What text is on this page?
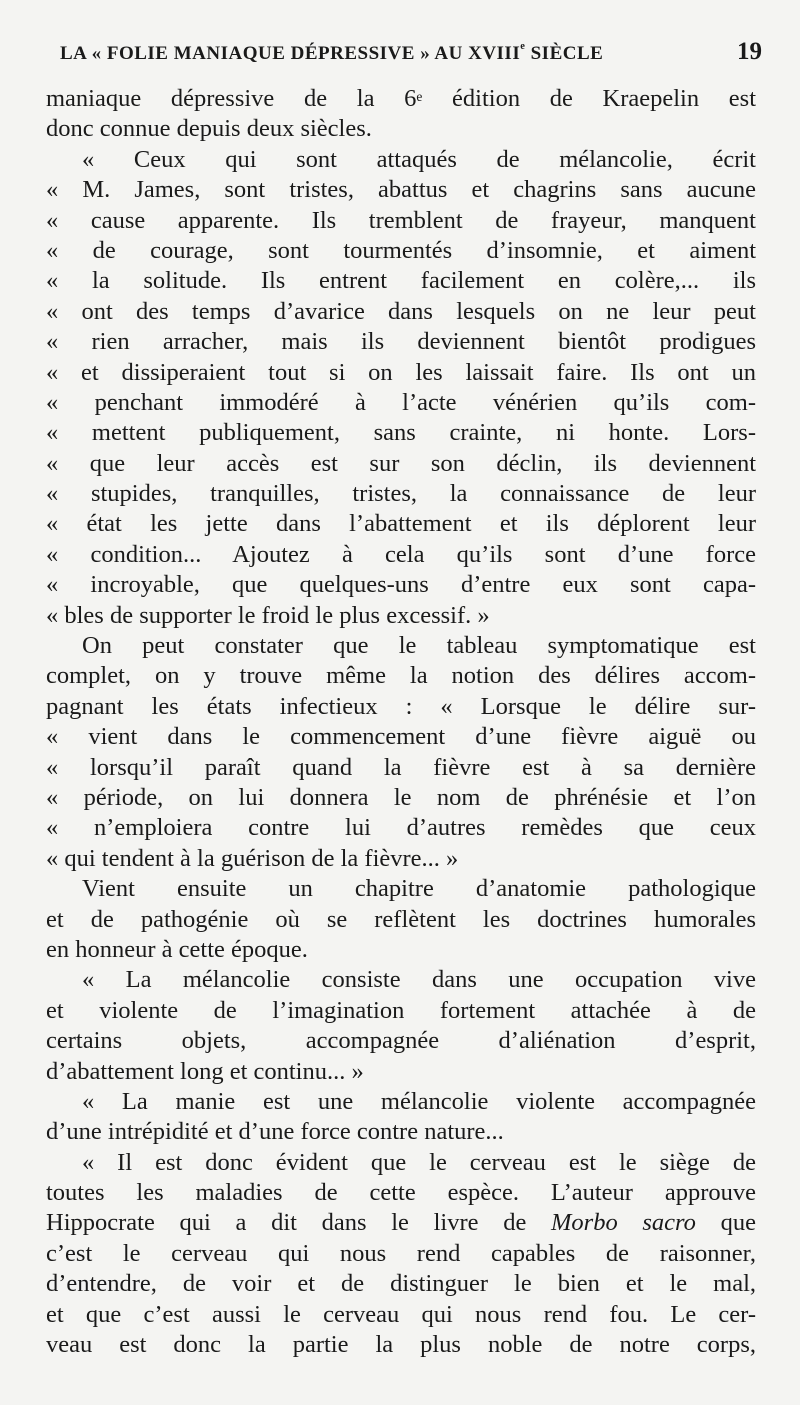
LA « FOLIE MANIAQUE DÉPRESSIVE » AU XVIIIe SIÈCLE	19
maniaque dépressive de la 6e édition de Kraepelin est
donc connue depuis deux siècles.
« Ceux qui sont attaqués de mélancolie, écrit
« M. James, sont tristes, abattus et chagrins sans aucune
« cause apparente. Ils tremblent de frayeur, manquent
« de courage, sont tourmentés d’insomnie, et aiment
« la solitude. Ils entrent facilement en colère,... ils
« ont des temps d’avarice dans lesquels on ne leur peut
« rien arracher, mais ils deviennent bientôt prodigues
« et dissiperaient tout si on les laissait faire. Ils ont un
« penchant immodéré à l’acte vénérien qu’ils com-
« mettent publiquement, sans crainte, ni honte. Lors-
« que leur accès est sur son déclin, ils deviennent
« stupides, tranquilles, tristes, la connaissance de leur
« état les jette dans l’abattement et ils déplorent leur
« condition... Ajoutez à cela qu’ils sont d’une force
« incroyable, que quelques-uns d’entre eux sont capa-
« bles de supporter le froid le plus excessif. »
On peut constater que le tableau symptomatique est
complet, on y trouve même la notion des délires accom-
pagnant les états infectieux : « Lorsque le délire sur-
« vient dans le commencement d’une fièvre aiguë ou
« lorsqu’il paraît quand la fièvre est à sa dernière
« période, on lui donnera le nom de phrénésie et l’on
« n’emploiera contre lui d’autres remèdes que ceux
« qui tendent à la guérison de la fièvre... »
Vient ensuite un chapitre d’anatomie pathologique
et de pathogénie où se reflètent les doctrines humorales
en honneur à cette époque.
« La mélancolie consiste dans une occupation vive
et violente de l’imagination fortement attachée à de
certains objets, accompagnée d’aliénation d’esprit,
d’abattement long et continu... »
« La manie est une mélancolie violente accompagnée
d’une intrépidité et d’une force contre nature...
« Il est donc évident que le cerveau est le siège de
toutes les maladies de cette espèce. L’auteur approuve
Hippocrate qui a dit dans le livre de Morbo sacro que
c’est le cerveau qui nous rend capables de raisonner,
d’entendre, de voir et de distinguer le bien et le mal,
et que c’est aussi le cerveau qui nous rend fou. Le cer-
veau est donc la partie la plus noble de notre corps,
